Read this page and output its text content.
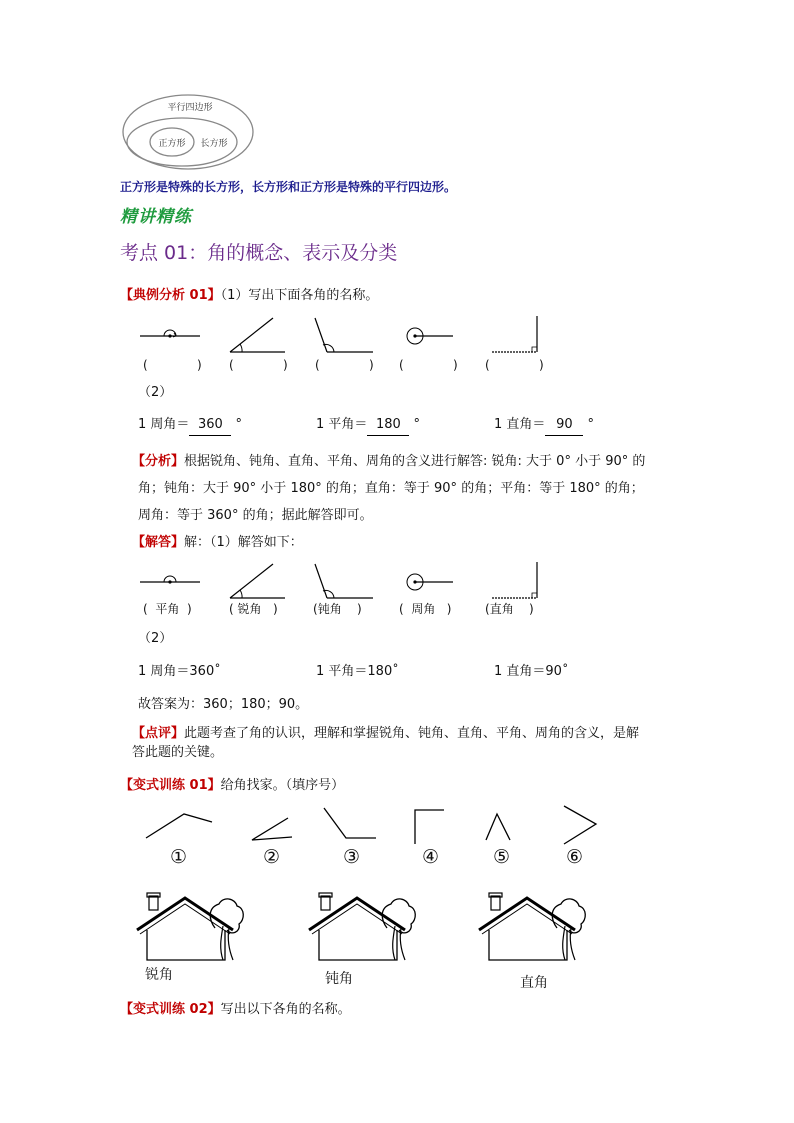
平行四边形
长方形
正方形
正方形是特殊的长方形，长方形和正方形是特殊的平行四边形。
精讲精练
考点 01：角的概念、表示及分类
【典例分析 01】（1）写出下面各角的名称。
(	) (	) (	) (	) (	)
（2）
1 周角＝ 360 °	1 平角＝ 180 °	1 直角＝ 90 °
【分析】根据锐角、钝角、直角、平角、周角的含义进行解答: 锐角: 大于 0° 小于 90° 的
角；钝角：大于 90° 小于 180° 的角；直角：等于 90° 的角；平角：等于 180° 的角；
周角：等于 360° 的角；据此解答即可。
【解答】解：（1）解答如下：
(  平角  )	( 锐角   )	(钝角    )	(  周角   )	(直角    )
（2）
1 周角＝360˚	1 平角＝180˚	1 直角＝90˚
故答案为：360；180；90。
【点评】此题考查了角的认识，理解和掌握锐角、钝角、直角、平角、周角的含义，是解
答此题的关键。
【变式训练 01】给角找家。（填序号）
①	②	③	④	⑤	⑥
锐角	钝角	直角
【变式训练 02】写出以下各角的名称。
